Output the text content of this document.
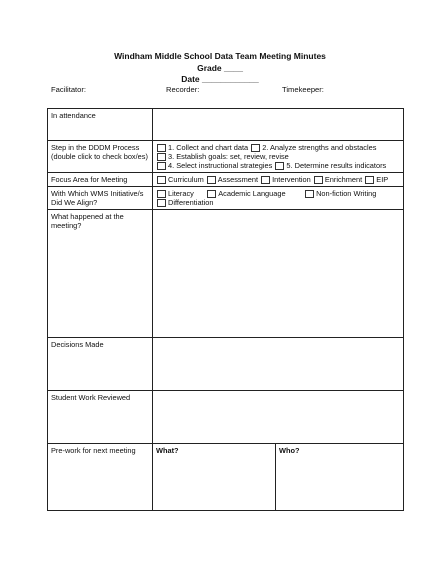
Windham Middle School Data Team Meeting Minutes
Grade ____
Date ____________
Facilitator:	Recorder:	Timekeeper:
In attendance		
Step in the DDDM Process (double click to check box/es)	1. Collect and chart data 2. Analyze strengths and obstacles
3. Establish goals: set, review, revise 4. Select instructional strategies 5. Determine results indicators	
Focus Area for Meeting	Curriculum Assessment Intervention Enrichment EIP	
With Which WMS Initiative/s Did We Align?	Literacy Academic Language Non-fiction Writing
Differentiation	
What happened at the meeting?		
Decisions Made		
Student Work Reviewed		
Pre-work for next meeting	What?	Who?
